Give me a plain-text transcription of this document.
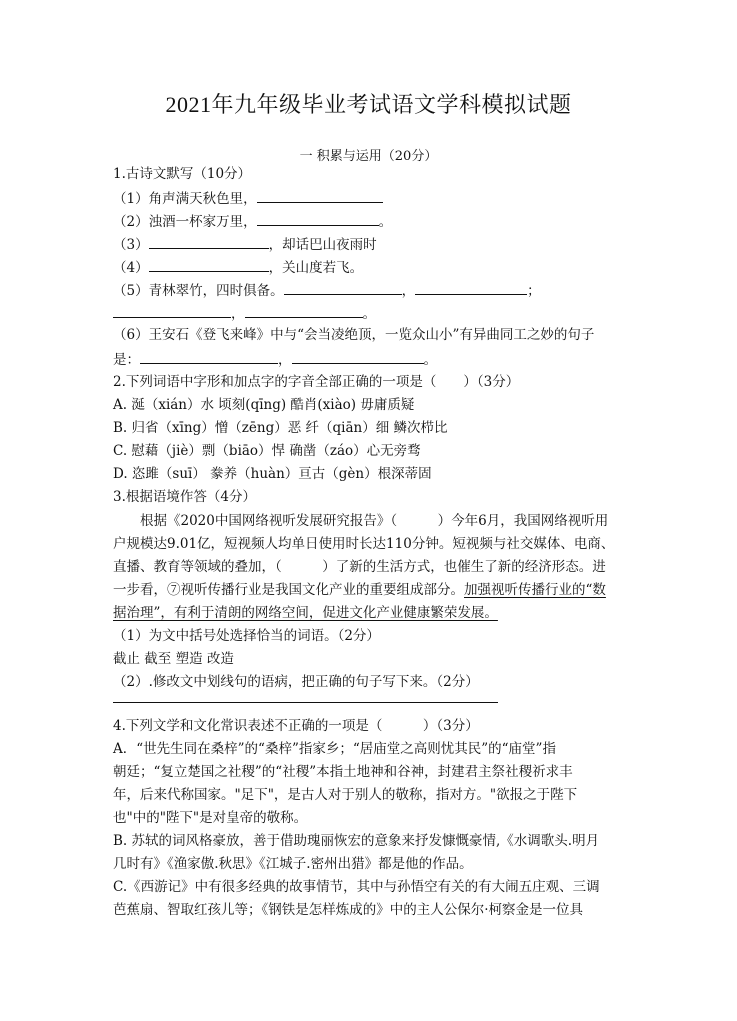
2021年九年级毕业考试语文学科模拟试题
一 积累与运用（20分）
1.古诗文默写（10分）
（1）角声满天秋色里，
（2）浊酒一杯家万里，	。
（3）	，却话巴山夜雨时
（4）	，关山度若飞。
（5）青林翠竹，四时俱备。	，	；
，	。
（6）王安石《登飞来峰》中与“会当凌绝顶，一览众山小”有异曲同工之妙的句子
是：	，	。
2.下列词语中字形和加点字的字音全部正确的一项是（　　）（3分）
A. 涎（xián）水 顷刻(qīng) 酷肖(xiào) 毋庸质疑
B. 归省（xīng）憎（zēng）恶 纤（qiān）细 鳞次栉比
C. 慰藉（jiè）剽（biāo）悍 确凿（záo）心无旁骛
D. 恣雎（suī） 豢养（huàn）亘古（gèn）根深蒂固
3.根据语境作答（4分）
　　根据《2020中国网络视听发展研究报告》（　　　）今年6月，我国网络视听用
户规模达9.01亿，短视频人均单日使用时长达110分钟。短视频与社交媒体、电商、
直播、教育等领域的叠加，（　　　）了新的生活方式，也催生了新的经济形态。进
一步看，⑦视听传播行业是我国文化产业的重要组成部分。加强视听传播行业的“数
据治理”，有利于清朗的网络空间，促进文化产业健康繁荣发展。
（1）为文中括号处选择恰当的词语。（2分）
截止 截至 塑造 改造
（2）.修改文中划线句的语病，把正确的句子写下来。（2分）
4.下列文学和文化常识表述不正确的一项是（　　　）（3分）
A．“世先生同在桑梓”的“桑梓”指家乡；“居庙堂之高则忧其民”的“庙堂”指
朝廷；“复立楚国之社稷”的“社稷”本指土地神和谷神，封建君主祭社稷祈求丰
年，后来代称国家。"足下"，是古人对于别人的敬称，指对方。"欲报之于陛下
也"中的"陛下"是对皇帝的敬称。
B. 苏轼的词风格豪放，善于借助瑰丽恢宏的意象来抒发慷慨豪情,《水调歌头.明月
几时有》《渔家傲.秋思》《江城子.密州出猎》都是他的作品。
C.《西游记》中有很多经典的故事情节，其中与孙悟空有关的有大闹五庄观、三调
芭蕉扇、智取红孩儿等；《钢铁是怎样炼成的》中的主人公保尔·柯察金是一位具
